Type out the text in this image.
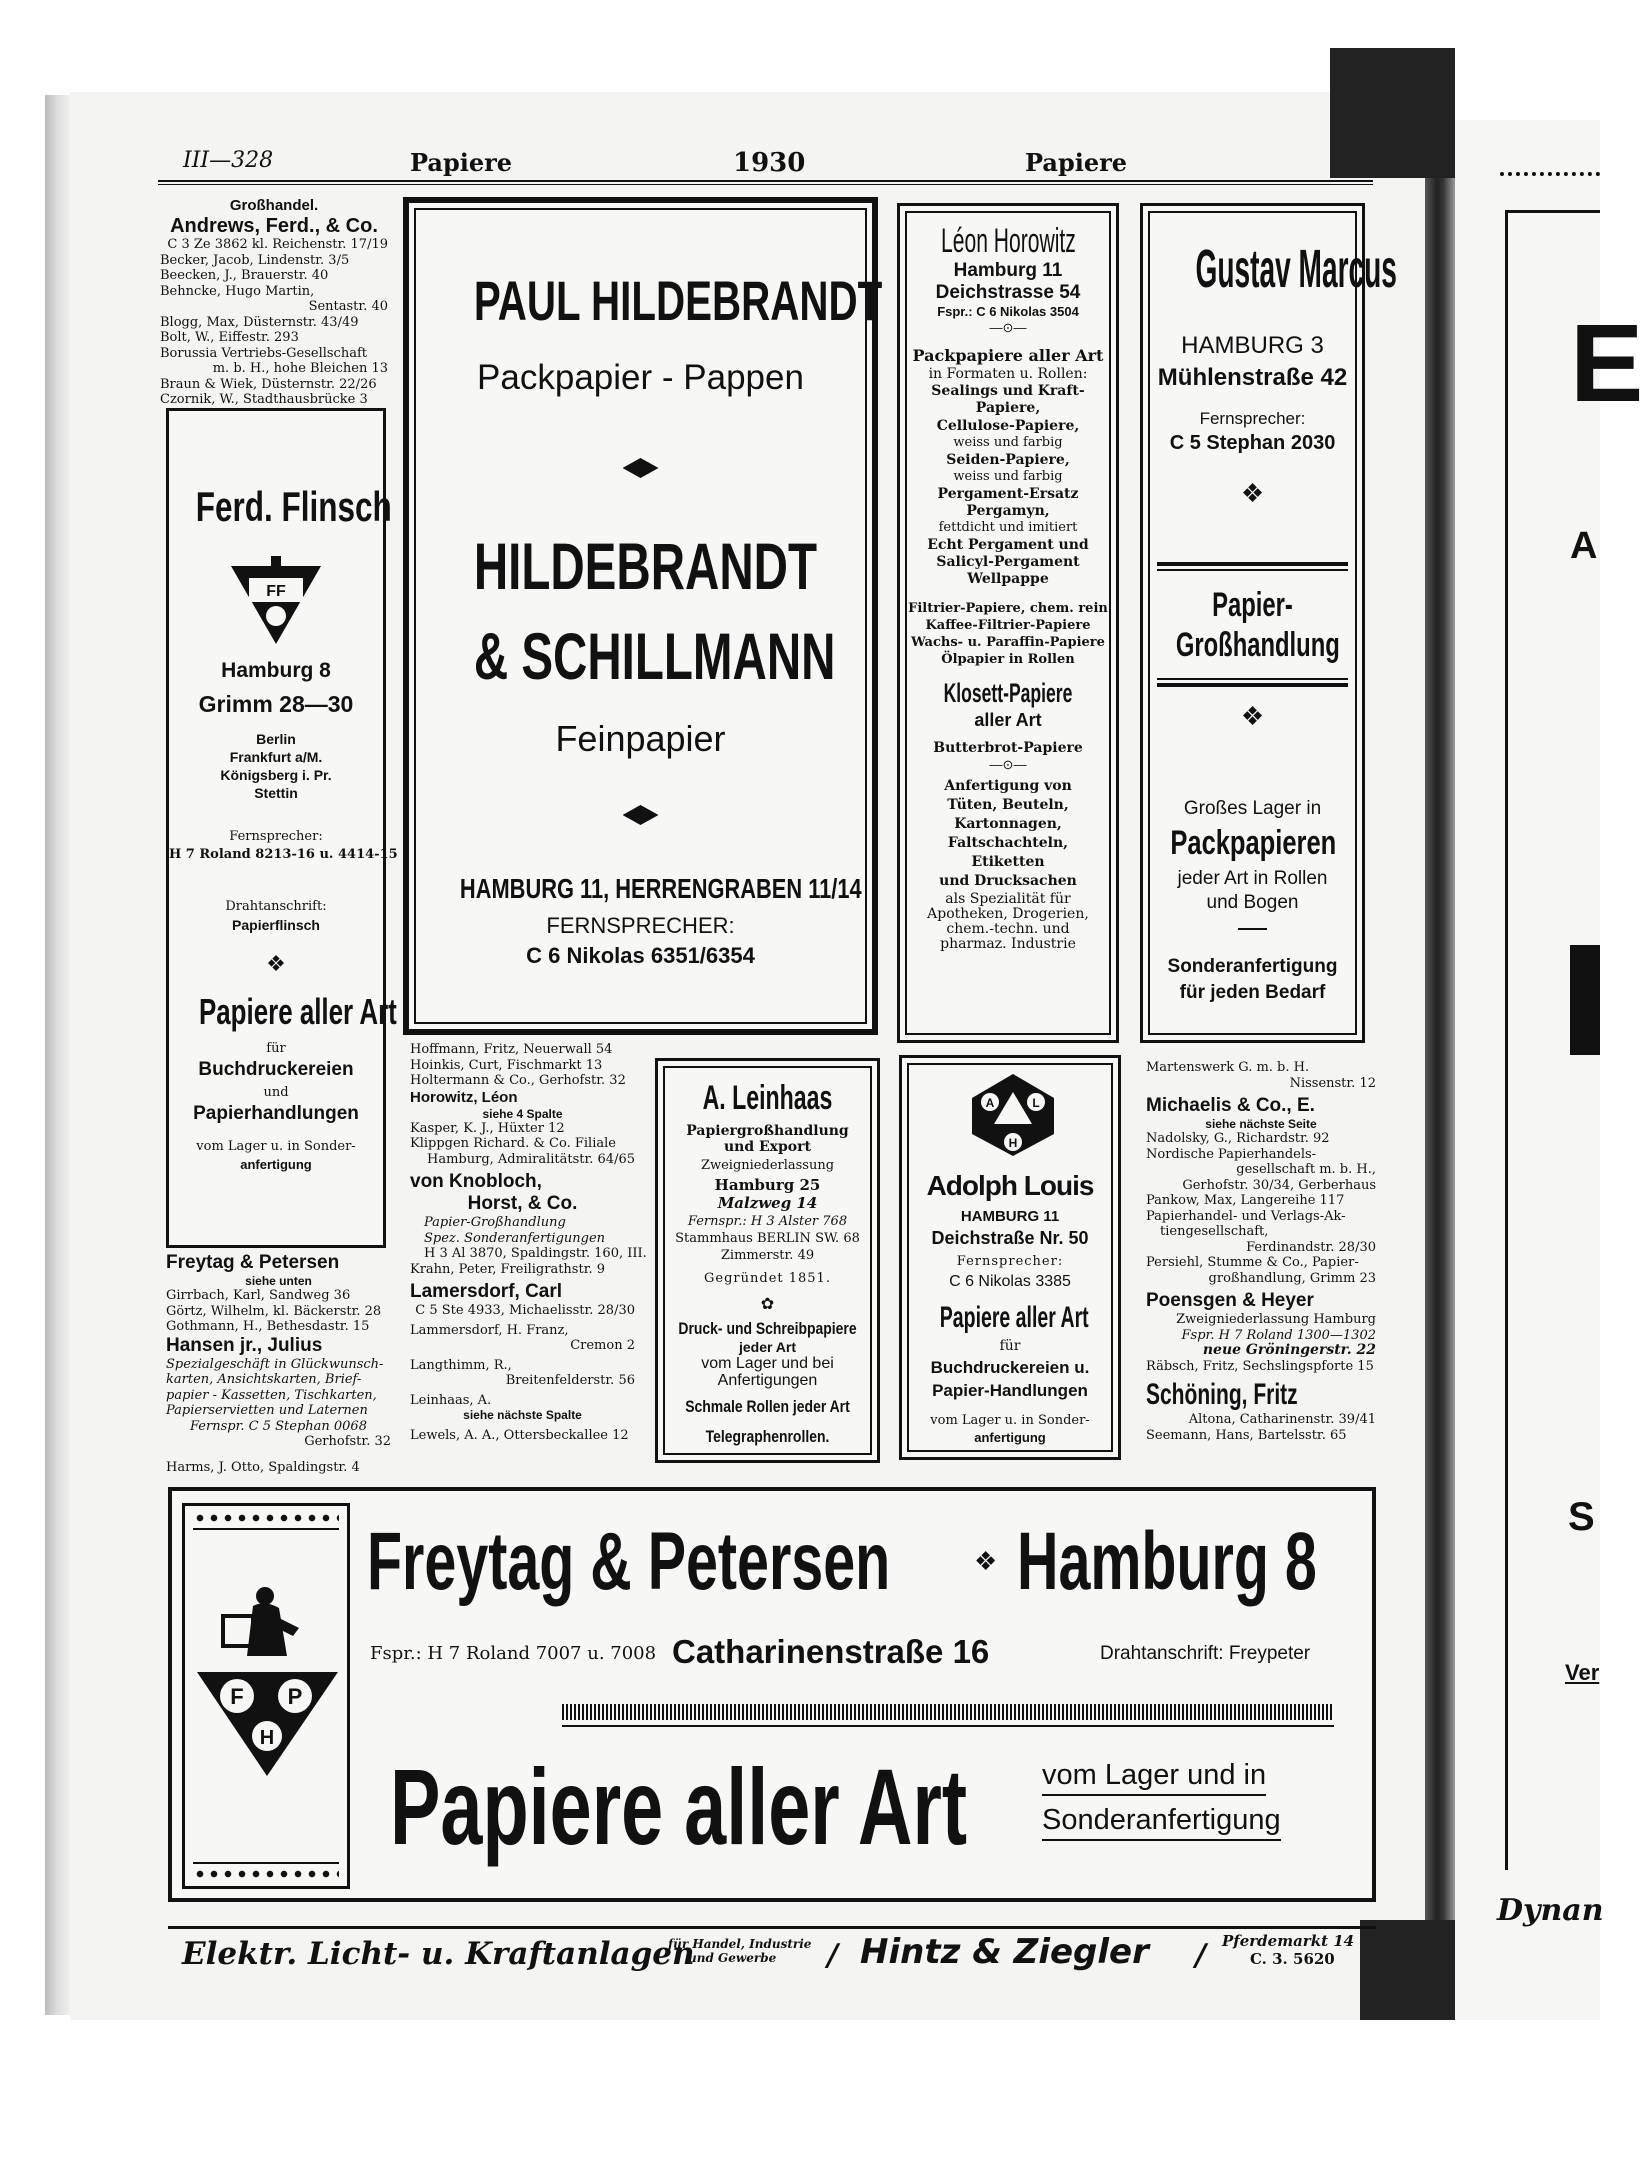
E
A
S
Ver
Dynan
III—328	Papiere	1930	Papiere
Großhandel.
Andrews, Ferd., & Co.
C 3 Ze 3862 kl. Reichenstr. 17/19
Becker, Jacob, Lindenstr. 3/5
Beecken, J., Brauerstr. 40
Behncke, Hugo Martin,
Sentastr. 40
Blogg, Max, Düsternstr. 43/49
Bolt, W., Eiffestr. 293
Borussia Vertriebs-Gesellschaft
m. b. H., hohe Bleichen 13
Braun & Wiek, Düsternstr. 22/26
Czornik, W., Stadthausbrücke 3
Ferd. Flinsch
FF
Hamburg 8
Grimm 28—30
Berlin
Frankfurt a/M.
Königsberg i. Pr.
Stettin
Fernsprecher:
H 7 Roland 8213-16 u. 4414-15
Drahtanschrift:
Papierflinsch
❖
Papiere aller Art
für
Buchdruckereien
und
Papierhandlungen
vom Lager u. in Sonder-
anfertigung
Freytag & Petersen
siehe unten
Girrbach, Karl, Sandweg 36
Görtz, Wilhelm, kl. Bäckerstr. 28
Gothmann, H., Bethesdastr. 15
Hansen jr., Julius
Spezialgeschäft in Glückwunsch-
karten, Ansichtskarten, Brief-
papier - Kassetten, Tischkarten,
Papierservietten und Laternen
Fernspr. C 5 Stephan 0068
Gerhofstr. 32
Harms, J. Otto, Spaldingstr. 4
PAUL HILDEBRANDT
Packpapier - Pappen
HILDEBRANDT
& SCHILLMANN
Feinpapier
HAMBURG 11, HERRENGRABEN 11/14
FERNSPRECHER:
C 6 Nikolas 6351/6354
Hoffmann, Fritz, Neuerwall 54
Hoinkis, Curt, Fischmarkt 13
Holtermann & Co., Gerhofstr. 32
Horowitz, Léon
siehe 4 Spalte
Kasper, K. J., Hüxter 12
Klippgen Richard. & Co. Filiale
Hamburg, Admiralitätstr. 64/65
von Knobloch,
Horst, & Co.
Papier-Großhandlung
Spez. Sonderanfertigungen
H 3 Al 3870, Spaldingstr. 160, III.
Krahn, Peter, Freiligrathstr. 9
Lamersdorf, Carl
C 5 Ste 4933, Michaelisstr. 28/30
Lammersdorf, H. Franz,
Cremon 2
Langthimm, R.,
Breitenfelderstr. 56
Leinhaas, A.
siehe nächste Spalte
Lewels, A. A., Ottersbeckallee 12
A. Leinhaas
Papiergroßhandlung
und Export
Zweigniederlassung
Hamburg 25
Malzweg 14
Fernspr.: H 3 Alster 768
Stammhaus BERLIN SW. 68
Zimmerstr. 49
Gegründet 1851.
✿
Druck- und Schreibpapiere
jeder Art
vom Lager und bei
Anfertigungen
Schmale Rollen jeder Art
Telegraphenrollen.
Léon Horowitz
Hamburg 11
Deichstrasse 54
Fspr.: C 6 Nikolas 3504
—⊙—
Packpapiere aller Art
in Formaten u. Rollen:
Sealings und Kraft-
Papiere,
Cellulose-Papiere,
weiss und farbig
Seiden-Papiere,
weiss und farbig
Pergament-Ersatz
Pergamyn,
fettdicht und imitiert
Echt Pergament und
Salicyl-Pergament
Wellpappe
Filtrier-Papiere, chem. rein
Kaffee-Filtrier-Papiere
Wachs- u. Paraffin-Papiere
Ölpapier in Rollen
Klosett-Papiere
aller Art
Butterbrot-Papiere
—⊙—
Anfertigung von
Tüten, Beuteln,
Kartonnagen,
Faltschachteln,
Etiketten
und Drucksachen
als Spezialität für
Apotheken, Drogerien,
chem.-techn. und
pharmaz. Industrie
A	L
H
Adolph Louis
HAMBURG 11
Deichstraße Nr. 50
Fernsprecher:
C 6 Nikolas 3385
Papiere aller Art
für
Buchdruckereien u.
Papier-Handlungen
vom Lager u. in Sonder-
anfertigung
Gustav Marcus
HAMBURG 3
Mühlenstraße 42
Fernsprecher:
C 5 Stephan 2030
❖
Papier-
Großhandlung
❖
Großes Lager in
Packpapieren
jeder Art in Rollen
und Bogen
Sonderanfertigung
für jeden Bedarf
Martenswerk G. m. b. H.
Nissenstr. 12
Michaelis & Co., E.
siehe nächste Seite
Nadolsky, G., Richardstr. 92
Nordische Papierhandels-
gesellschaft m. b. H.,
Gerhofstr. 30/34, Gerberhaus
Pankow, Max, Langereihe 117
Papierhandel- und Verlags-Ak-
tiengesellschaft,
Ferdinandstr. 28/30
Persiehl, Stumme & Co., Papier-
großhandlung, Grimm 23
Poensgen & Heyer
Zweigniederlassung Hamburg
Fspr. H 7 Roland 1300—1302
neue Gröningerstr. 22
Räbsch, Fritz, Sechslingspforte 15
Schöning, Fritz
Altona, Catharinenstr. 39/41
Seemann, Hans, Bartelsstr. 65
F P
H
Freytag & Petersen	❖ Hamburg 8
Fspr.: H 7 Roland 7007 u. 7008 Catharinenstraße 16	Drahtanschrift: Freypeter
Papiere aller Art	vom Lager und in
Sonderanfertigung
Elektr. Licht- u. Kraftanlagen
für Handel, Industrie
und Gewerbe / Hintz & Ziegler / Pferdemarkt 14
C. 3. 5620
